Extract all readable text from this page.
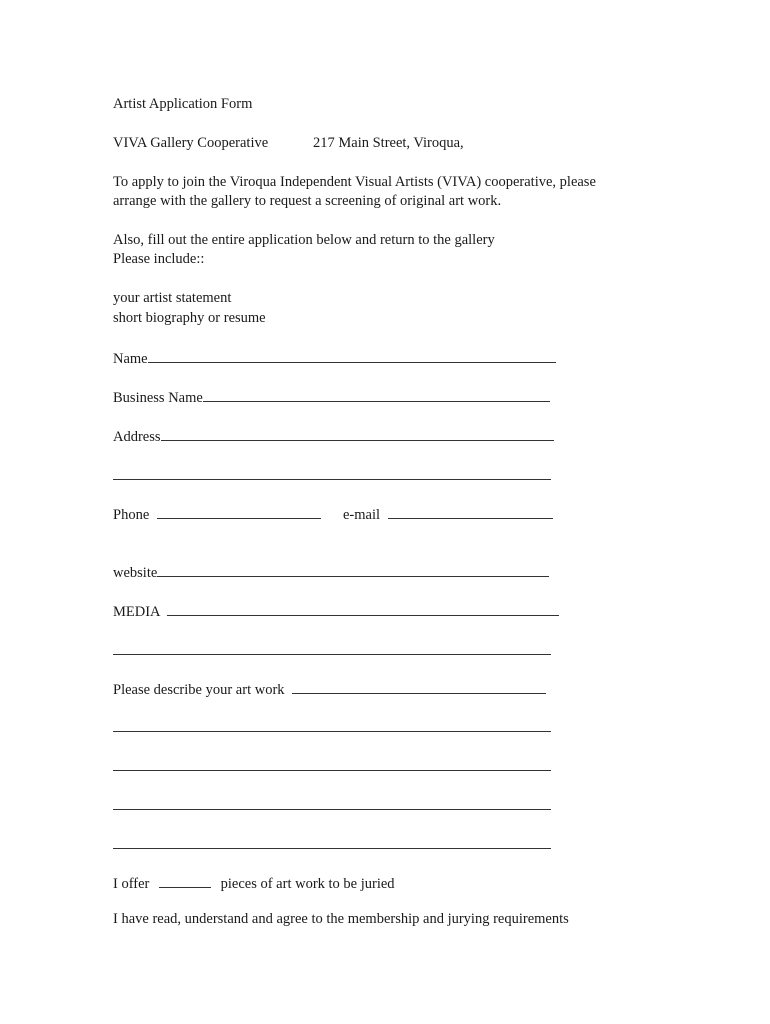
Artist Application Form
VIVA Gallery Cooperative	217 Main Street, Viroqua,
To apply to join the Viroqua Independent Visual Artists (VIVA) cooperative, please
arrange with the gallery to request a screening of original art work.
Also, fill out the entire application below and return to the gallery
Please include::
your artist statement
short biography or resume
Name
Business Name
Address
Phone	e-mail
website
MEDIA
Please describe your art work
I offer	pieces of art work to be juried
I have read, understand and agree to the membership and jurying requirements
